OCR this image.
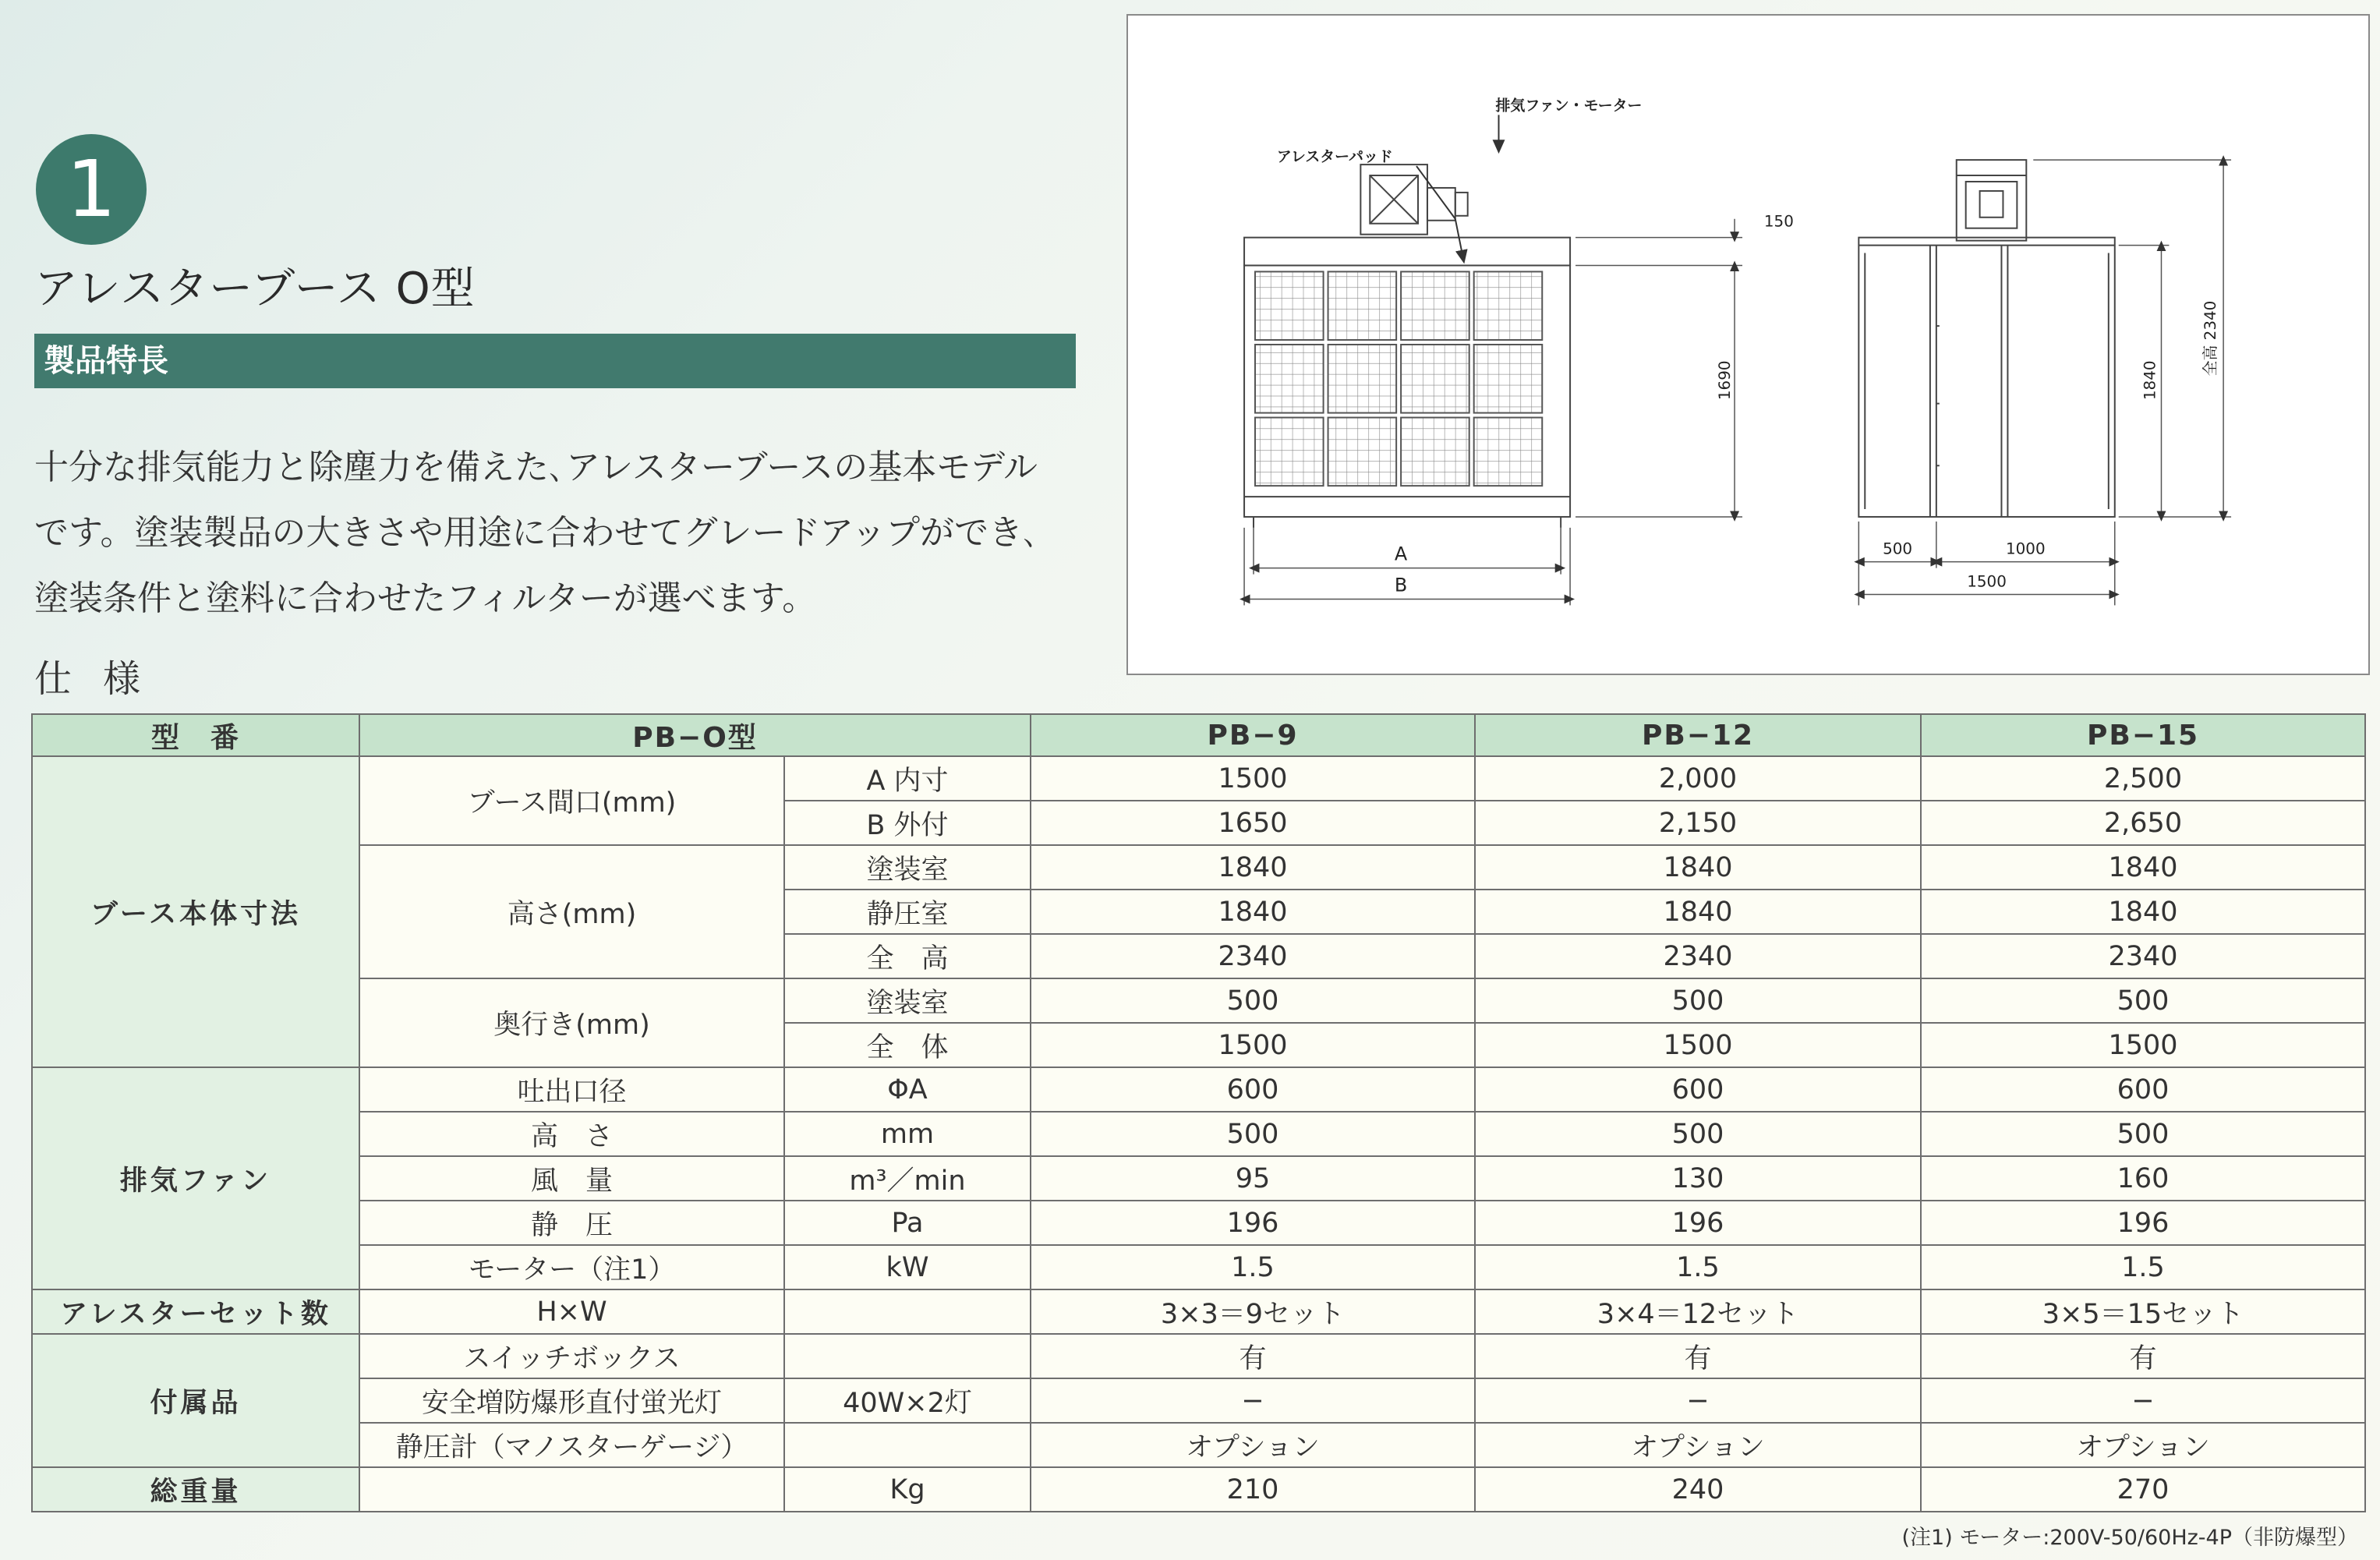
1
アレスターブース O型
製品特長

十分な排気能力と除塵力を備えた､アレスターブースの基本モデル

です。塗装製品の大きさや用途に合わせてグレードアップができ､

塗装条件と塗料に合わせたフィルターが選べます。

仕様
排気ファン・モーター
アレスターパッド
150
1690
A
B
1840
全高 2340
500	1000
1500
型　番	PB−O型		PB−9	PB−12	PB−15
ブース本体寸法	ブース間口(mm)	A 内寸	1500	2,000	2,500
		B 外付	1650	2,150	2,650
	高さ(mm)	塗装室	1840	1840	1840
		静圧室	1840	1840	1840
		全　高	2340	2340	2340
	奥行き(mm)	塗装室	500	500	500
		全　体	1500	1500	1500
排気ファン	吐出口径	ΦA	600	600	600
	高　さ	mm	500	500	500
	風　量	m³／min	95	130	160
	静　圧	Pa	196	196	196
	モーター（注1）	kW	1.5	1.5	1.5
アレスターセット数	H×W		3×3＝9セット	3×4＝12セット	3×5＝15セット
付属品	スイッチボックス		有	有	有
	安全増防爆形直付蛍光灯	40W×2灯	−	−	−
	静圧計（マノスターゲージ）		オプション	オプション	オプション
総重量		Kg	210	240	270
(注1) モーター:200V-50/60Hz-4P（非防爆型）
